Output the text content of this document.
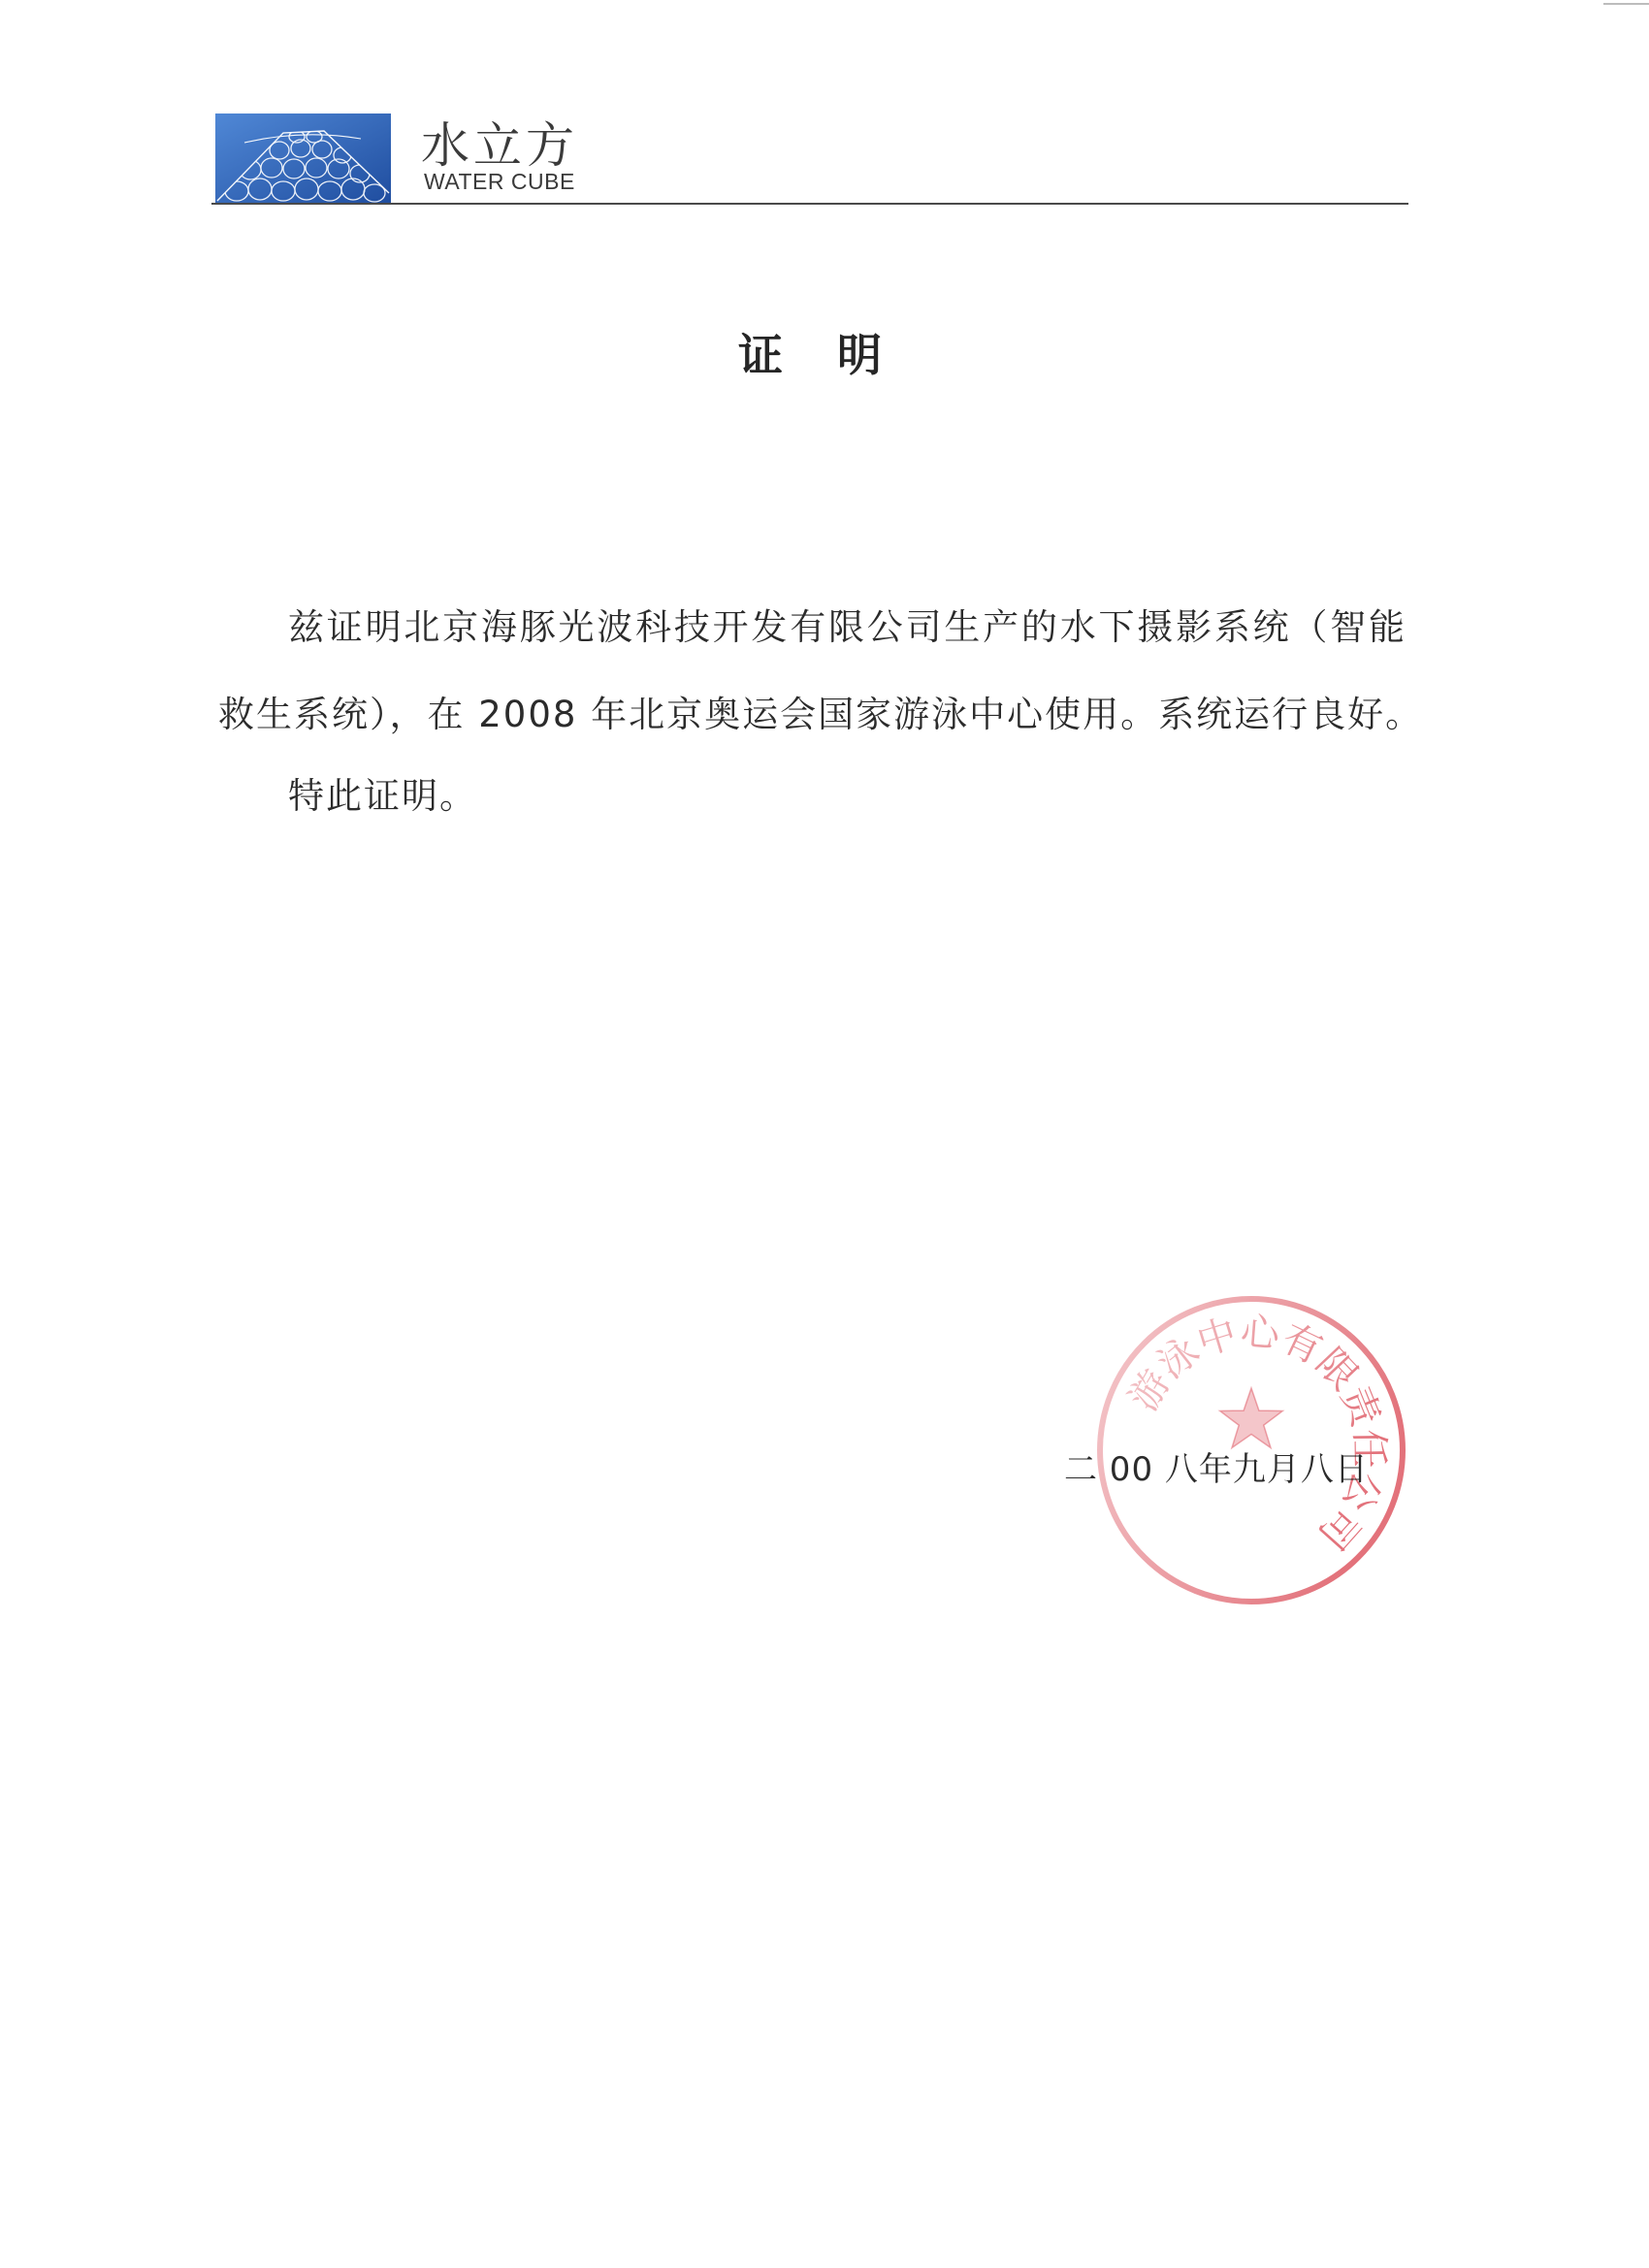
水立方
WATER CUBE
证 明
兹证明北京海豚光波科技开发有限公司生产的水下摄影系统（智能
救生系统），在 2008 年北京奥运会国家游泳中心使用。系统运行良好。
特此证明。
二 00 八年九月八日
游泳中心有限责任公司
